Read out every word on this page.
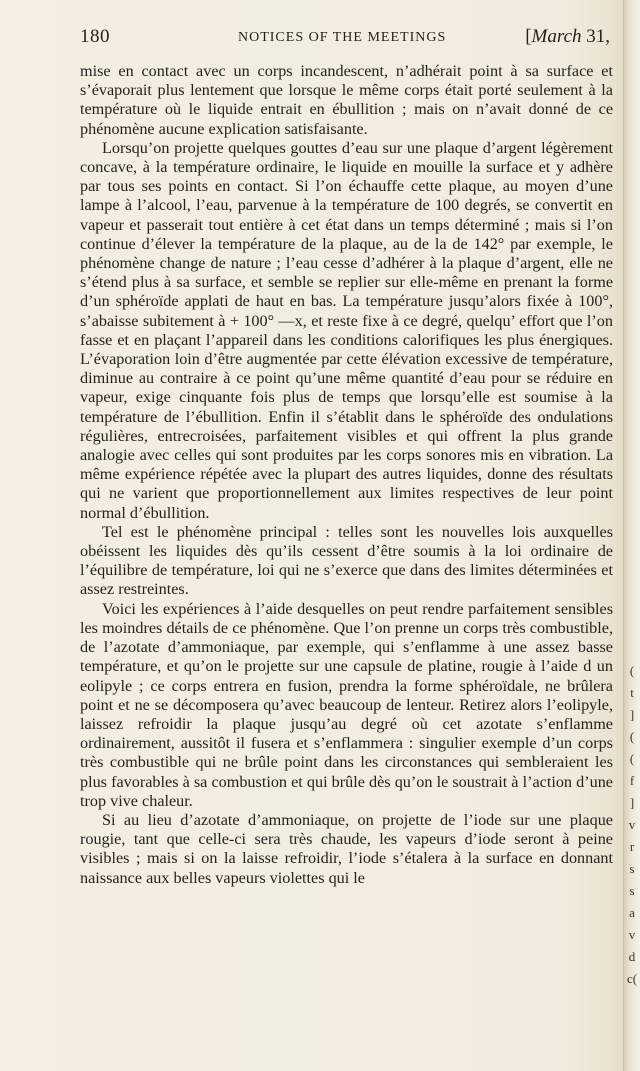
180	NOTICES OF THE MEETINGS	[March 31,

mise en contact avec un corps incandescent, n’adhérait point à sa surface et s’évaporait plus lentement que lorsque le même corps était porté seulement à la température où le liquide entrait en ébullition ; mais on n’avait donné de ce phénomène aucune explication satisfaisante.

Lorsqu’on projette quelques gouttes d’eau sur une plaque d’argent légèrement concave, à la température ordinaire, le liquide en mouille la surface et y adhère par tous ses points en contact. Si l’on échauffe cette plaque, au moyen d’une lampe à l’alcool, l’eau, parvenue à la température de 100 degrés, se convertit en vapeur et passerait tout entière à cet état dans un temps déterminé ; mais si l’on continue d’élever la température de la plaque, au de la de 142° par exemple, le phénomène change de nature ; l’eau cesse d’adhérer à la plaque d’argent, elle ne s’étend plus à sa surface, et semble se replier sur elle-même en prenant la forme d’un sphéroïde applati de haut en bas. La température jusqu’alors fixée à 100°, s’abaisse subitement à + 100° —x, et reste fixe à ce degré, quelqu’ effort que l’on fasse et en plaçant l’appareil dans les conditions calorifiques les plus énergiques. L’évaporation loin d’être augmentée par cette élévation excessive de température, diminue au contraire à ce point qu’une même quantité d’eau pour se réduire en vapeur, exige cinquante fois plus de temps que lorsqu’elle est soumise à la température de l’ébullition. Enfin il s’établit dans le sphéroïde des ondulations régulières, entrecroisées, parfaitement visibles et qui offrent la plus grande analogie avec celles qui sont produites par les corps sonores mis en vibration. La même expérience répétée avec la plupart des autres liquides, donne des résultats qui ne varient que proportionnellement aux limites respectives de leur point normal d’ébullition.

Tel est le phénomène principal : telles sont les nouvelles lois auxquelles obéissent les liquides dès qu’ils cessent d’être soumis à la loi ordinaire de l’équilibre de température, loi qui ne s’exerce que dans des limites déterminées et assez restreintes.

Voici les expériences à l’aide desquelles on peut rendre parfaitement sensibles les moindres détails de ce phénomène. Que l’on prenne un corps très combustible, de l’azotate d’ammoniaque, par exemple, qui s’enflamme à une assez basse température, et qu’on le projette sur une capsule de platine, rougie à l’aide d un eolipyle ; ce corps entrera en fusion, prendra la forme sphéroïdale, ne brûlera point et ne se décomposera qu’avec beaucoup de lenteur. Retirez alors l’eolipyle, laissez refroidir la plaque jusqu’au degré où cet azotate s’enflamme ordinairement, aussitôt il fusera et s’enflammera : singulier exemple d’un corps très combustible qui ne brûle point dans les circonstances qui sembleraient les plus favorables à sa combustion et qui brûle dès qu’on le soustrait à l’action d’une trop vive chaleur.

Si au lieu d’azotate d’ammoniaque, on projette de l’iode sur une plaque rougie, tant que celle-ci sera très chaude, les vapeurs d’iode seront à peine visibles ; mais si on la laisse refroidir, l’iode s’étalera à la surface en donnant naissance aux belles vapeurs violettes qui le

(
t
]
(
(
f
]
v
r
s
s
a
v
d
c(
